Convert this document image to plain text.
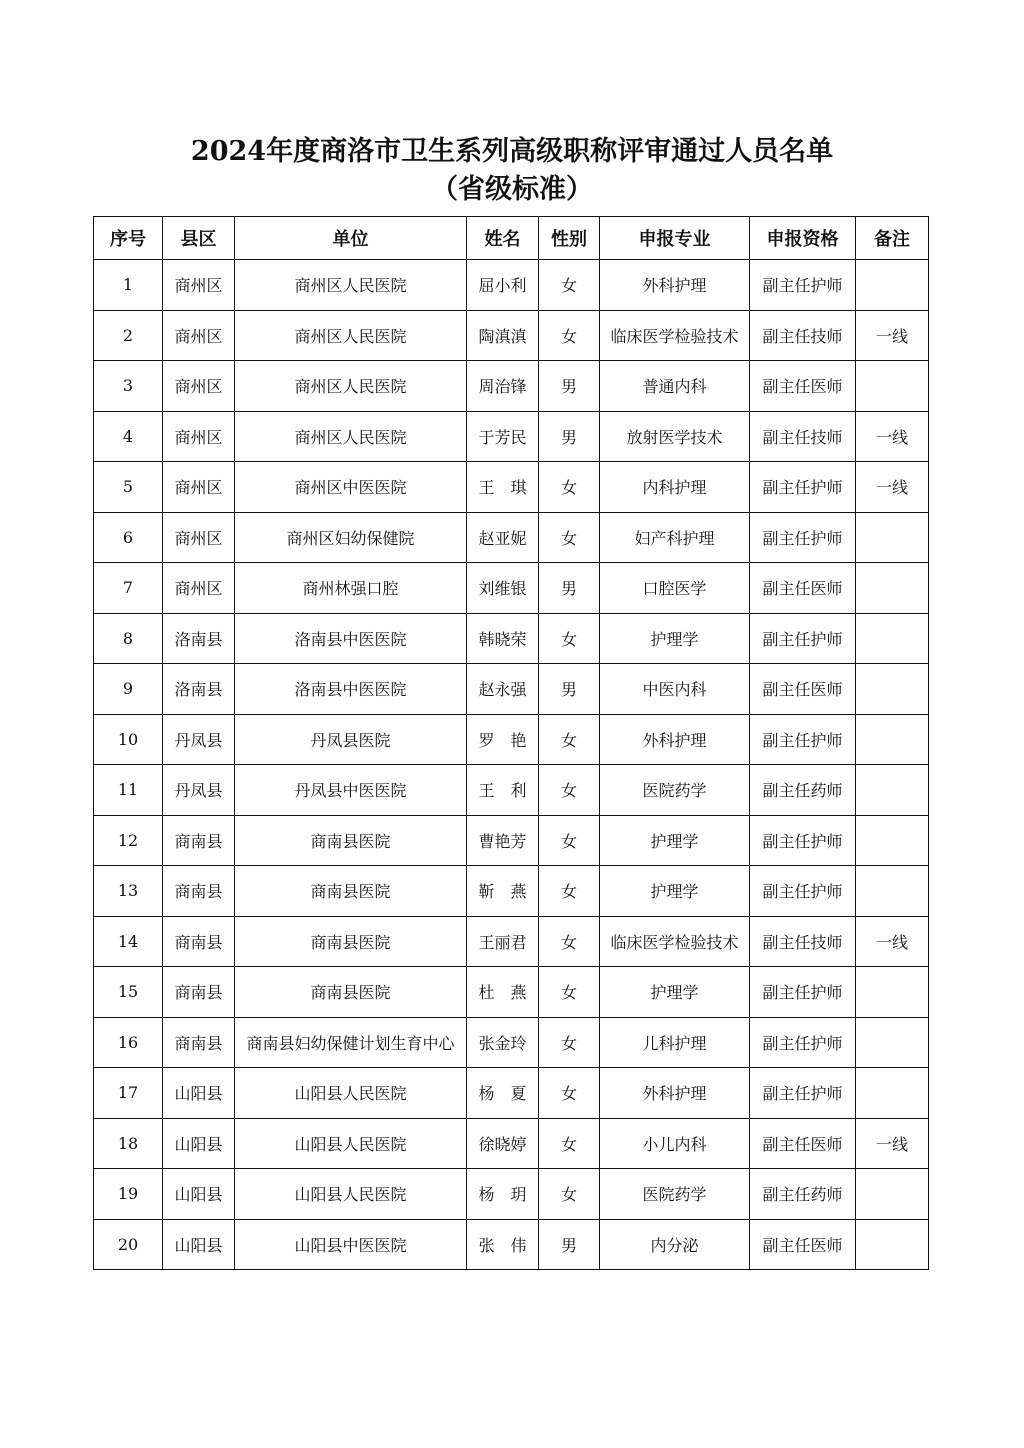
2024年度商洛市卫生系列高级职称评审通过人员名单
（省级标准）
序号	县区	单位	姓名	性别	申报专业	申报资格	备注
1	商州区	商州区人民医院	屈小利	女	外科护理	副主任护师	
2	商州区	商州区人民医院	陶滇滇	女	临床医学检验技术	副主任技师	一线
3	商州区	商州区人民医院	周治锋	男	普通内科	副主任医师	
4	商州区	商州区人民医院	于芳民	男	放射医学技术	副主任技师	一线
5	商州区	商州区中医医院	王　琪	女	内科护理	副主任护师	一线
6	商州区	商州区妇幼保健院	赵亚妮	女	妇产科护理	副主任护师	
7	商州区	商州林强口腔	刘维银	男	口腔医学	副主任医师	
8	洛南县	洛南县中医医院	韩晓荣	女	护理学	副主任护师	
9	洛南县	洛南县中医医院	赵永强	男	中医内科	副主任医师	
10	丹凤县	丹凤县医院	罗　艳	女	外科护理	副主任护师	
11	丹凤县	丹凤县中医医院	王　利	女	医院药学	副主任药师	
12	商南县	商南县医院	曹艳芳	女	护理学	副主任护师	
13	商南县	商南县医院	靳　燕	女	护理学	副主任护师	
14	商南县	商南县医院	王丽君	女	临床医学检验技术	副主任技师	一线
15	商南县	商南县医院	杜　燕	女	护理学	副主任护师	
16	商南县	商南县妇幼保健计划生育中心	张金玲	女	儿科护理	副主任护师	
17	山阳县	山阳县人民医院	杨　夏	女	外科护理	副主任护师	
18	山阳县	山阳县人民医院	徐晓婷	女	小儿内科	副主任医师	一线
19	山阳县	山阳县人民医院	杨　玥	女	医院药学	副主任药师	
20	山阳县	山阳县中医医院	张　伟	男	内分泌	副主任医师	
